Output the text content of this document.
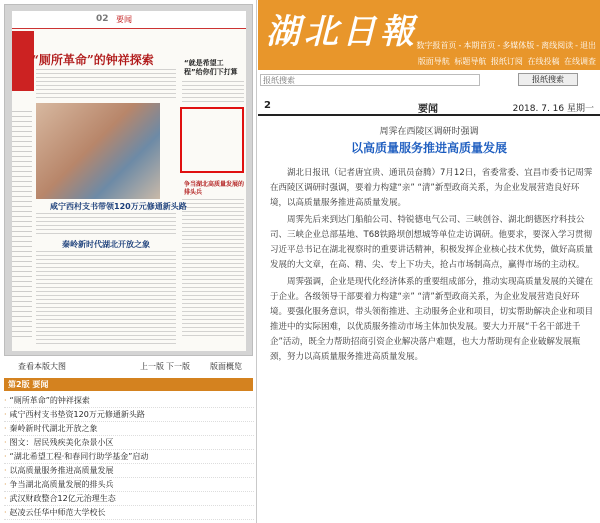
02 要闻
“厕所革命”的钟祥探索	“就是希望工程”给你们下打算
争当湖北高质量发展的排头兵
咸宁西村支书带领120万元修通新头路
秦岭新时代湖北开放之象
查看本版大图	上一版 下一版	版面概览
第2版 要闻
· “厕所革命”的钟祥探索
· 咸宁西村支书垫资120万元修通新头路
· 秦岭新时代湖北开放之象
· 图文：居民残疾美化杂景小区
· “湖北希望工程·和春同行助学基金”启动
· 以高质量服务推进高质量发展
· 争当湖北高质量发展的排头兵
· 武汉财政整合12亿元治理生态
· 赵凌云任华中师范大学校长
湖北日報
数字报首页 - 本期首页 - 多媒体版 - 离线阅读 - 退出
版面导航 标题导航 报纸订阅 在线投稿 在线调查
报纸搜索
报纸搜索
2	要闻	2018. 7. 16 星期一
周霁在西陵区调研时强调
以高质量服务推进高质量发展

湖北日报讯（记者唐宜贵、通讯员奋腾）7月12日，省委常委、宜昌市委书记周霁在西陵区调研时强调，要着力构建“亲” “清”新型政商关系，为企业发展营造良好环境，以高质量服务推进高质量发展。

周霁先后来到达门船舶公司、特锐德电气公司、三峡创谷、湖北朗德医疗科技公司、三峡企业总部基地、T68铁路坝创想城等单位走访调研。他要求，要深入学习贯彻习近平总书记在湖北视察时的重要讲话精神，积极发挥企业核心技术优势，做好高质量发展的大文章，在高、精、尖、专上下功夫，抢占市场制高点，赢得市场的主动权。

周霁强调，企业是现代化经济体系的重要组成部分，推动实现高质量发展的关键在于企业。各级领导干部要着力构建“亲” “清”新型政商关系，为企业发展营造良好环境。要强化服务意识，带头领衔推进、主动服务企业和项目，切实帮助解决企业和项目推进中的实际困难，以优质服务推动市场主体加快发展。要大力开展“千名干部进千企”活动，既全力帮助招商引资企业解决落户难题，也大力帮助现有企业破解发展瓶颈，努力以高质量服务推进高质量发展。
